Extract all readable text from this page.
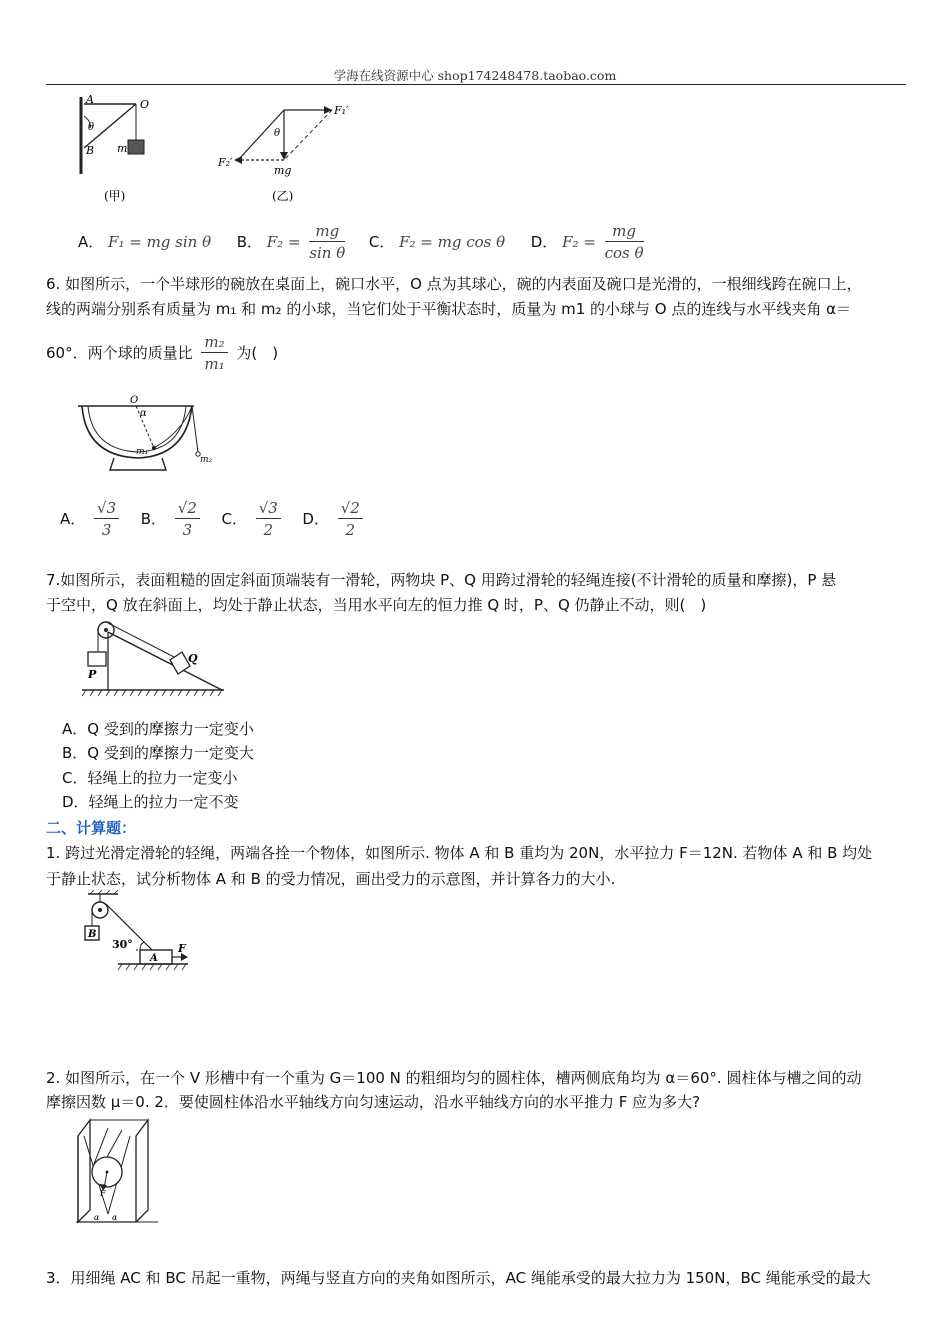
学海在线资源中心 shop174248478.taobao.com
A	O
θ
B m
(甲)
θ
F₁′
F₂′
mg
(乙)
A． F₁ = mg sin θ B． $F_2 = \frac{mg}{\text{sin θ}}$ C． F₂ = mg cos θ D． $F_2 = \frac{mg}{\text{cos θ}}$
6. 如图所示，一个半球形的碗放在桌面上，碗口水平，O 点为其球心，碗的内表面及碗口是光滑的，一根细线跨在碗口上，
线的两端分别系有质量为 m₁ 和 m₂ 的小球，当它们处于平衡状态时，质量为 m1 的小球与 O 点的连线与水平线夹角 α＝
60°．两个球的质量比 $\frac{\text{m₂}}{\text{m₁}}$ 为(　)
O
α
m₁
m₂
A． $\frac{√3}{3}$ B． $\frac{√2}{3}$ C． $\frac{√3}{2}$ D． $\frac{√2}{2}$
7.如图所示，表面粗糙的固定斜面顶端装有一滑轮，两物块 P、Q 用跨过滑轮的轻绳连接(不计滑轮的质量和摩擦)，P 悬
于空中，Q 放在斜面上，均处于静止状态，当用水平向左的恒力推 Q 时，P、Q 仍静止不动，则(　)
P
Q
A．Q 受到的摩擦力一定变小
B．Q 受到的摩擦力一定变大
C．轻绳上的拉力一定变小
D．轻绳上的拉力一定不变
二、计算题：
1. 跨过光滑定滑轮的轻绳，两端各拴一个物体，如图所示. 物体 A 和 B 重均为 20N，水平拉力 F＝12N. 若物体 A 和 B 均处
于静止状态，试分析物体 A 和 B 的受力情况，画出受力的示意图，并计算各力的大小.
B
A
30°	F
2. 如图所示，在一个 V 形槽中有一个重为 G＝100 N 的粗细均匀的圆柱体，槽两侧底角均为 α＝60°. 圆柱体与槽之间的动
摩擦因数 μ＝0. 2．要使圆柱体沿水平轴线方向匀速运动，沿水平轴线方向的水平推力 F 应为多大?
F
α α
3．用细绳 AC 和 BC 吊起一重物，两绳与竖直方向的夹角如图所示，AC 绳能承受的最大拉力为 150N，BC 绳能承受的最大
